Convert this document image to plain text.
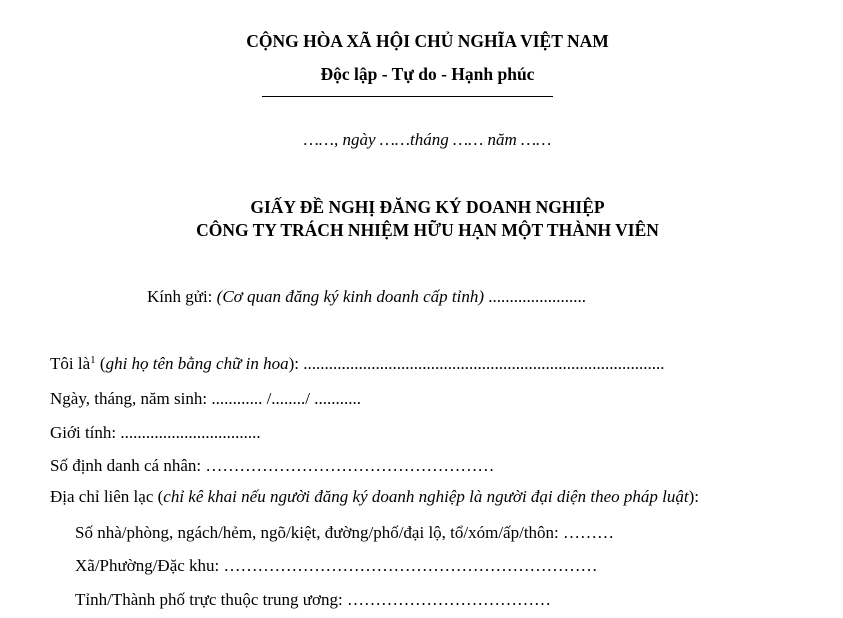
CỘNG HÒA XÃ HỘI CHỦ NGHĨA VIỆT NAM
Độc lập - Tự do - Hạnh phúc
……, ngày ……tháng …… năm ……
GIẤY ĐỀ NGHỊ ĐĂNG KÝ DOANH NGHIỆP
CÔNG TY TRÁCH NHIỆM HỮU HẠN MỘT THÀNH VIÊN
Kính gửi: (Cơ quan đăng ký kinh doanh cấp tỉnh) .......................
Tôi $là^1$ (ghi họ tên bằng chữ in hoa): .....................................................................................
Ngày, tháng, năm sinh: ............ /......../ ...........
Giới tính: .................................
Số định danh cá nhân: ……………………………………………
Địa chỉ liên lạc (chỉ kê khai nếu người đăng ký doanh nghiệp là người đại diện theo pháp luật):
Số nhà/phòng, ngách/hẻm, ngõ/kiệt, đường/phố/đại lộ, tổ/xóm/ấp/thôn: ………
Xã/Phường/Đặc khu: …………………………………………………………
Tỉnh/Thành phố trực thuộc trung ương: ………………………………
